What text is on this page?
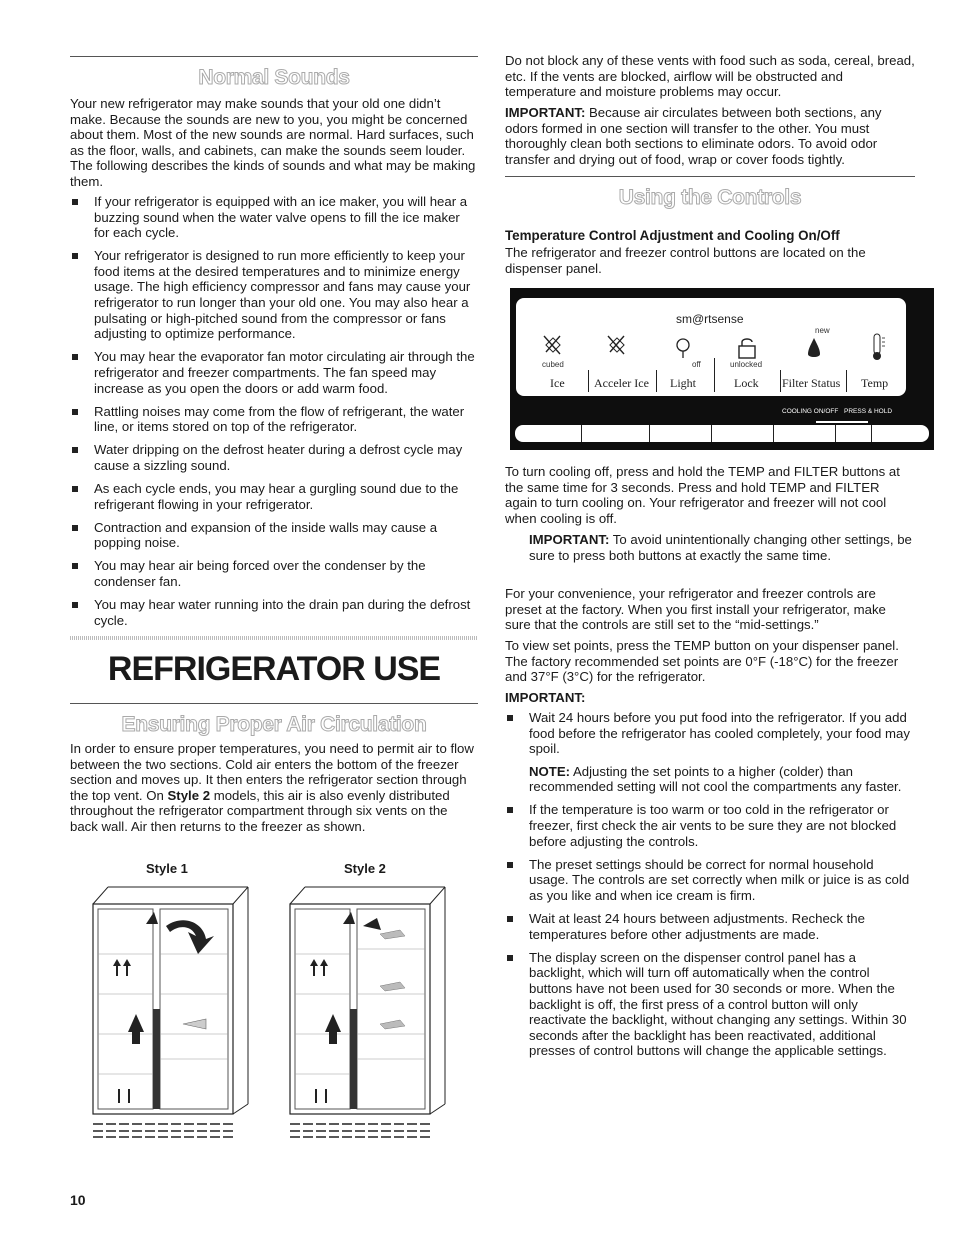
Normal Sounds

Your new refrigerator may make sounds that your old one didn’t make. Because the sounds are new to you, you might be concerned about them. Most of the new sounds are normal. Hard surfaces, such as the floor, walls, and cabinets, can make the sounds seem louder. The following describes the kinds of sounds and what may be making them.

If your refrigerator is equipped with an ice maker, you will hear a buzzing sound when the water valve opens to fill the ice maker for each cycle.
Your refrigerator is designed to run more efficiently to keep your food items at the desired temperatures and to minimize energy usage. The high efficiency compressor and fans may cause your refrigerator to run longer than your old one. You may also hear a pulsating or high-pitched sound from the compressor or fans adjusting to optimize performance.
You may hear the evaporator fan motor circulating air through the refrigerator and freezer compartments. The fan speed may increase as you open the doors or add warm food.
Rattling noises may come from the flow of refrigerant, the water line, or items stored on top of the refrigerator.
Water dripping on the defrost heater during a defrost cycle may cause a sizzling sound.
As each cycle ends, you may hear a gurgling sound due to the refrigerant flowing in your refrigerator.
Contraction and expansion of the inside walls may cause a popping noise.
You may hear air being forced over the condenser by the condenser fan.
You may hear water running into the drain pan during the defrost cycle.
REFRIGERATOR USE
Ensuring Proper Air Circulation

In order to ensure proper temperatures, you need to permit air to flow between the two sections. Cold air enters the bottom of the freezer section and moves up. It then enters the refrigerator section through the top vent. On Style 2 models, this air is also evenly distributed throughout the refrigerator compartment through six vents on the back wall. Air then returns to the freezer as shown.

Style 1	Style 2
10

Do not block any of these vents with food such as soda, cereal, bread, etc. If the vents are blocked, airflow will be obstructed and temperature and moisture problems may occur.

IMPORTANT: Because air circulates between both sections, any odors formed in one section will transfer to the other. You must thoroughly clean both sections to eliminate odors. To avoid odor transfer and drying out of food, wrap or cover foods tightly.

Using the Controls
Temperature Control Adjustment and Cooling On/Off

The refrigerator and freezer control buttons are located on the dispenser panel.

To turn cooling off, press and hold the TEMP and FILTER buttons at the same time for 3 seconds. Press and hold TEMP and FILTER again to turn cooling on. Your refrigerator and freezer will not cool when cooling is off.

IMPORTANT: To avoid unintentionally changing other settings, be sure to press both buttons at exactly the same time.

For your convenience, your refrigerator and freezer controls are preset at the factory. When you first install your refrigerator, make sure that the controls are still set to the “mid-settings.”

To view set points, press the TEMP button on your dispenser panel. The factory recommended set points are 0°F (-18°C) for the freezer and 37°F (3°C) for the refrigerator.

IMPORTANT:
Wait 24 hours before you put food into the refrigerator. If you add food before the refrigerator has cooled completely, your food may spoil.
NOTE: Adjusting the set points to a higher (colder) than recommended setting will not cool the compartments any faster.
If the temperature is too warm or too cold in the refrigerator or freezer, first check the air vents to be sure they are not blocked before adjusting the controls.
The preset settings should be correct for normal household usage. The controls are set correctly when milk or juice is as cold as you like and when ice cream is firm.
Wait at least 24 hours between adjustments. Recheck the temperatures before other adjustments are made.
The display screen on the dispenser control panel has a backlight, which will turn off automatically when the control buttons have not been used for 30 seconds or more. When the backlight is off, the first press of a control button will only reactivate the backlight, without changing any settings. Within 30 seconds after the backlight has been reactivated, additional presses of control buttons will change the applicable settings.
sm@rtsense
cubed	off	unlocked
new
Ice Acceler Ice Light	Lock Filter Status Temp
COOLING ON/OFF PRESS & HOLD
